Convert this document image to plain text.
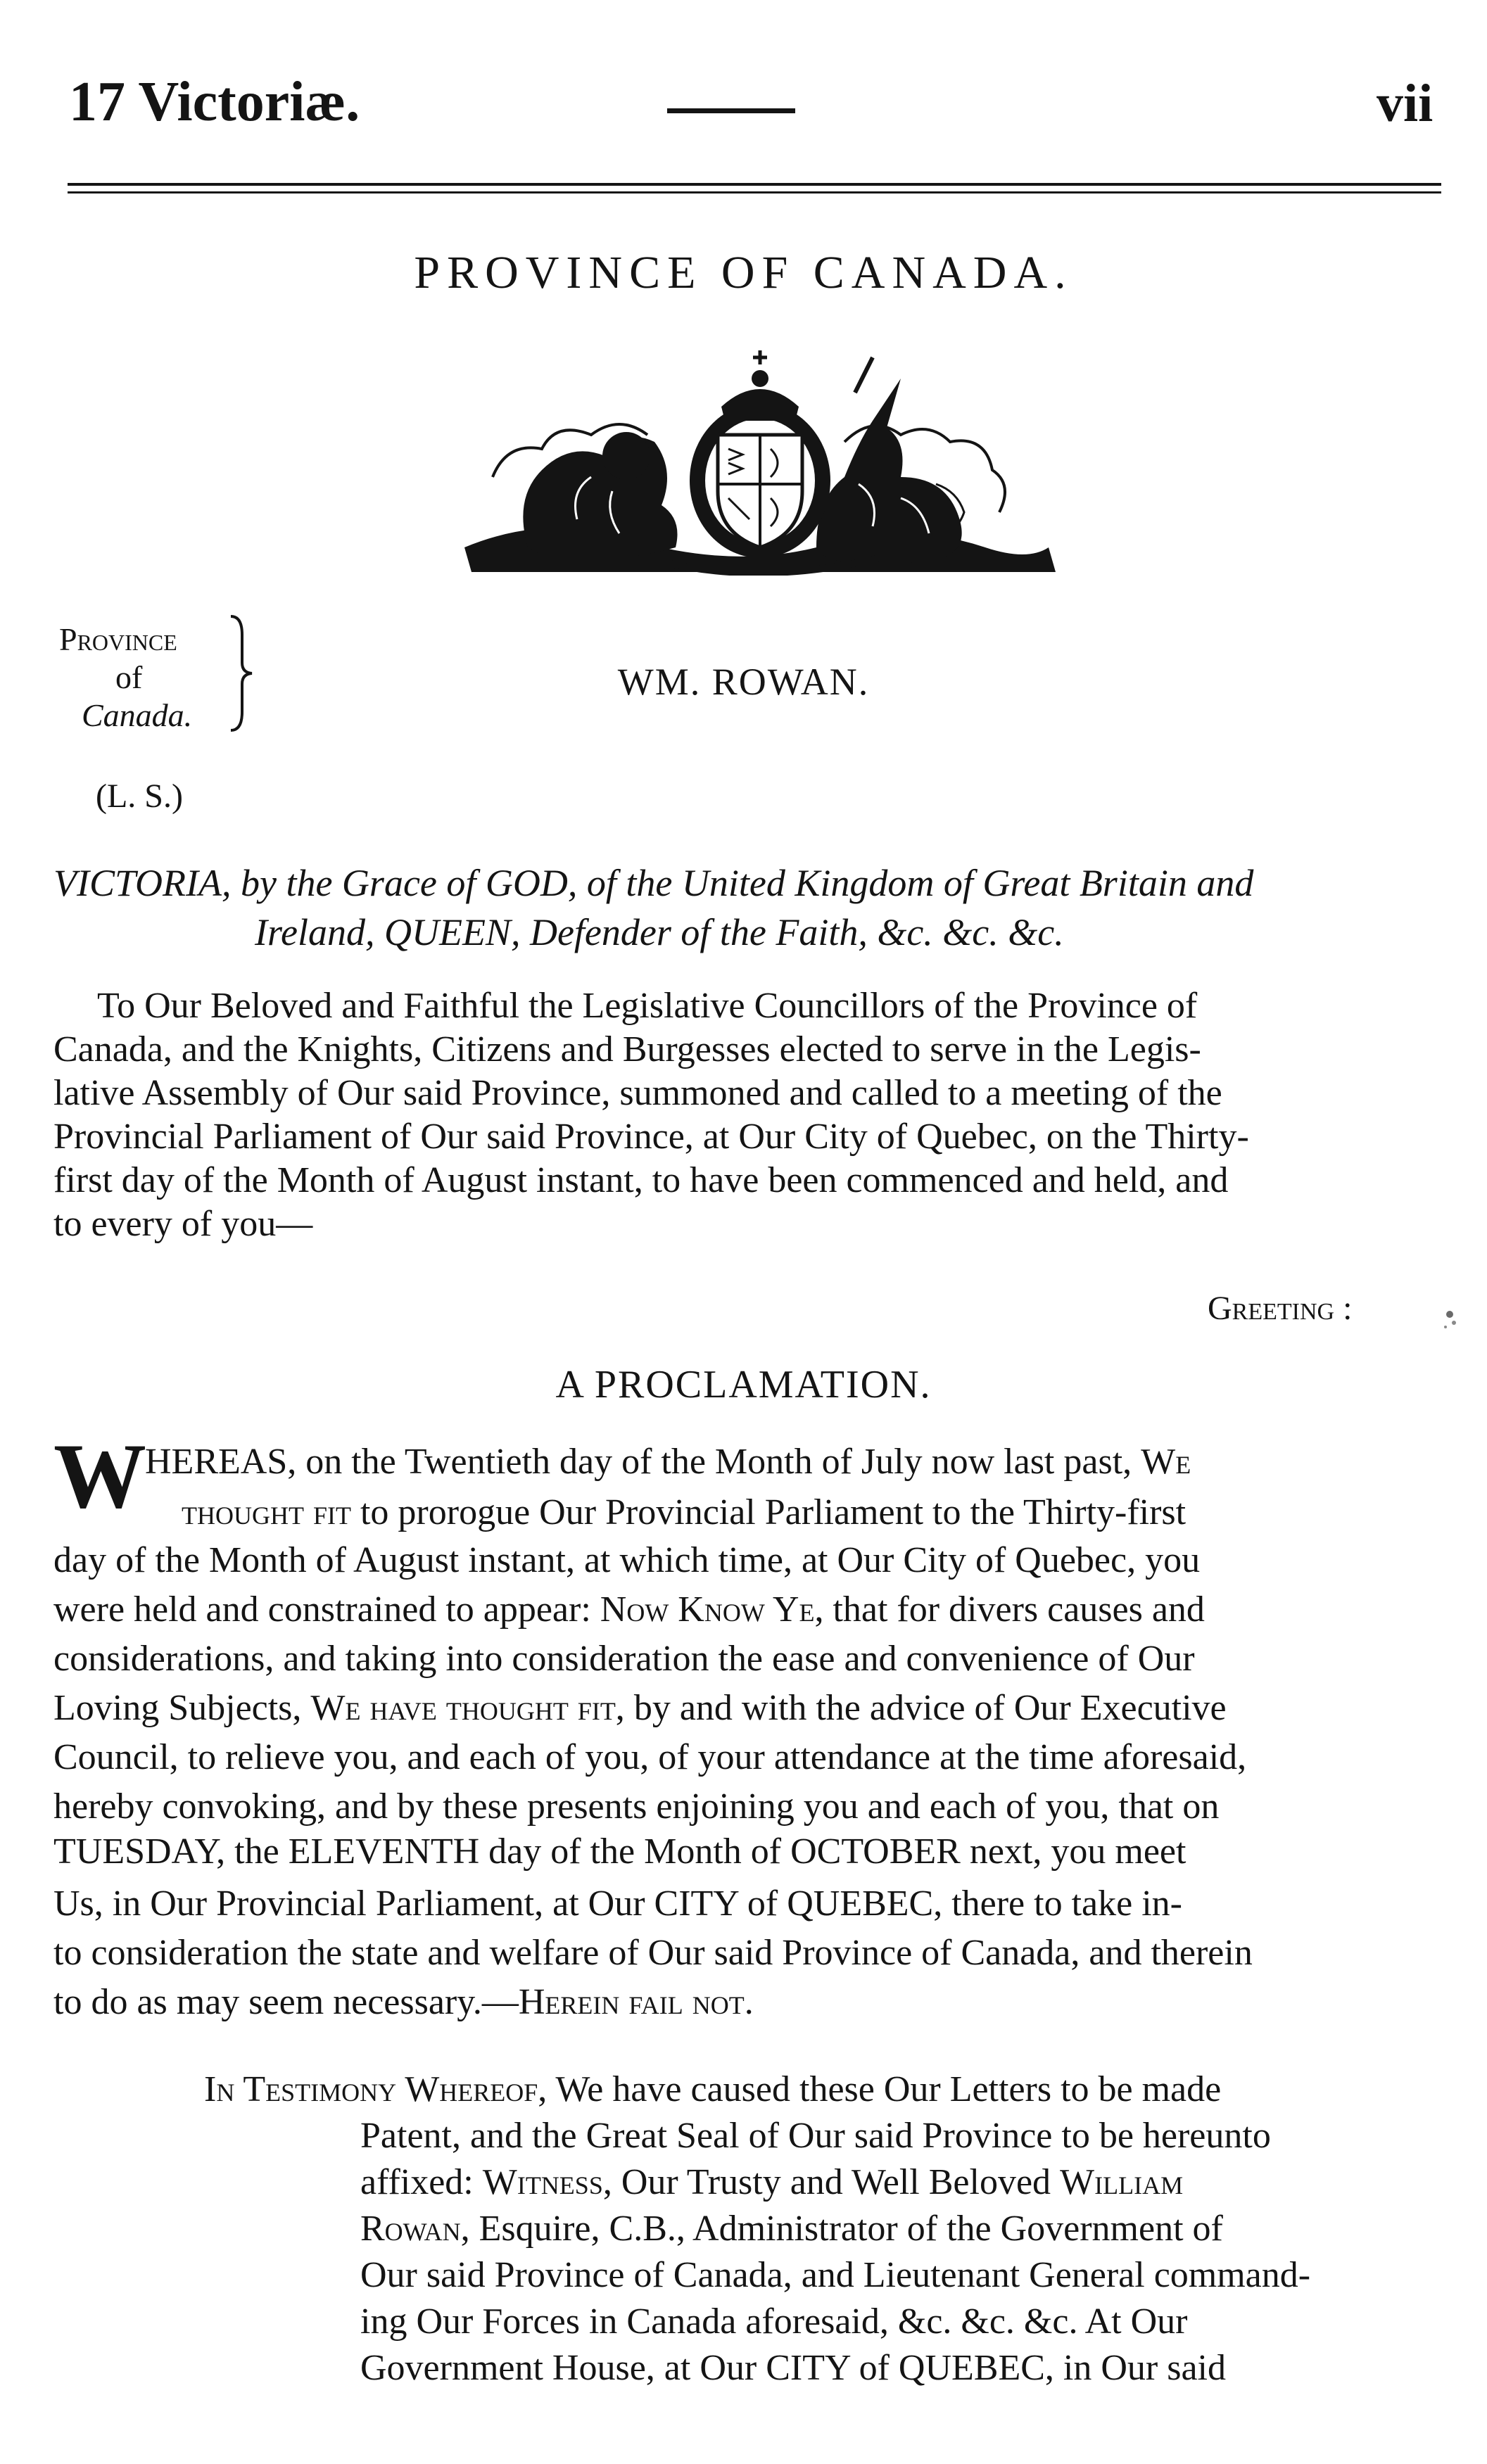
17 Victoriæ.	vii
PROVINCE OF CANADA.
Province
of
Canada.
(L. S.)
WM. ROWAN.
VICTORIA, by the Grace of GOD, of the United Kingdom of Great Britain and
Ireland, QUEEN, Defender of the Faith, &c. &c. &c.
To Our Beloved and Faithful the Legislative Councillors of the Province of
Canada, and the Knights, Citizens and Burgesses elected to serve in the Legis-
lative Assembly of Our said Province, summoned and called to a meeting of the
Provincial Parliament of Our said Province, at Our City of Quebec, on the Thirty-
first day of the Month of August instant, to have been commenced and held, and
to every of you—
Greeting :
A PROCLAMATION.
W
HEREAS, on the Twentieth day of the Month of July now last past, We
thought fit to prorogue Our Provincial Parliament to the Thirty-first
day of the Month of August instant, at which time, at Our City of Quebec, you
were held and constrained to appear: Now Know Ye, that for divers causes and
considerations, and taking into consideration the ease and convenience of Our
Loving Subjects, We have thought fit, by and with the advice of Our Executive
Council, to relieve you, and each of you, of your attendance at the time aforesaid,
hereby convoking, and by these presents enjoining you and each of you, that on
TUESDAY, the ELEVENTH day of the Month of OCTOBER next, you meet
Us, in Our Provincial Parliament, at Our CITY of QUEBEC, there to take in-
to consideration the state and welfare of Our said Province of Canada, and therein
to do as may seem necessary.—Herein fail not.
In Testimony Whereof, We have caused these Our Letters to be made
Patent, and the Great Seal of Our said Province to be hereunto
affixed: Witness, Our Trusty and Well Beloved William
Rowan, Esquire, C.B., Administrator of the Government of
Our said Province of Canada, and Lieutenant General command-
ing Our Forces in Canada aforesaid, &c. &c. &c. At Our
Government House, at Our CITY of QUEBEC, in Our said
